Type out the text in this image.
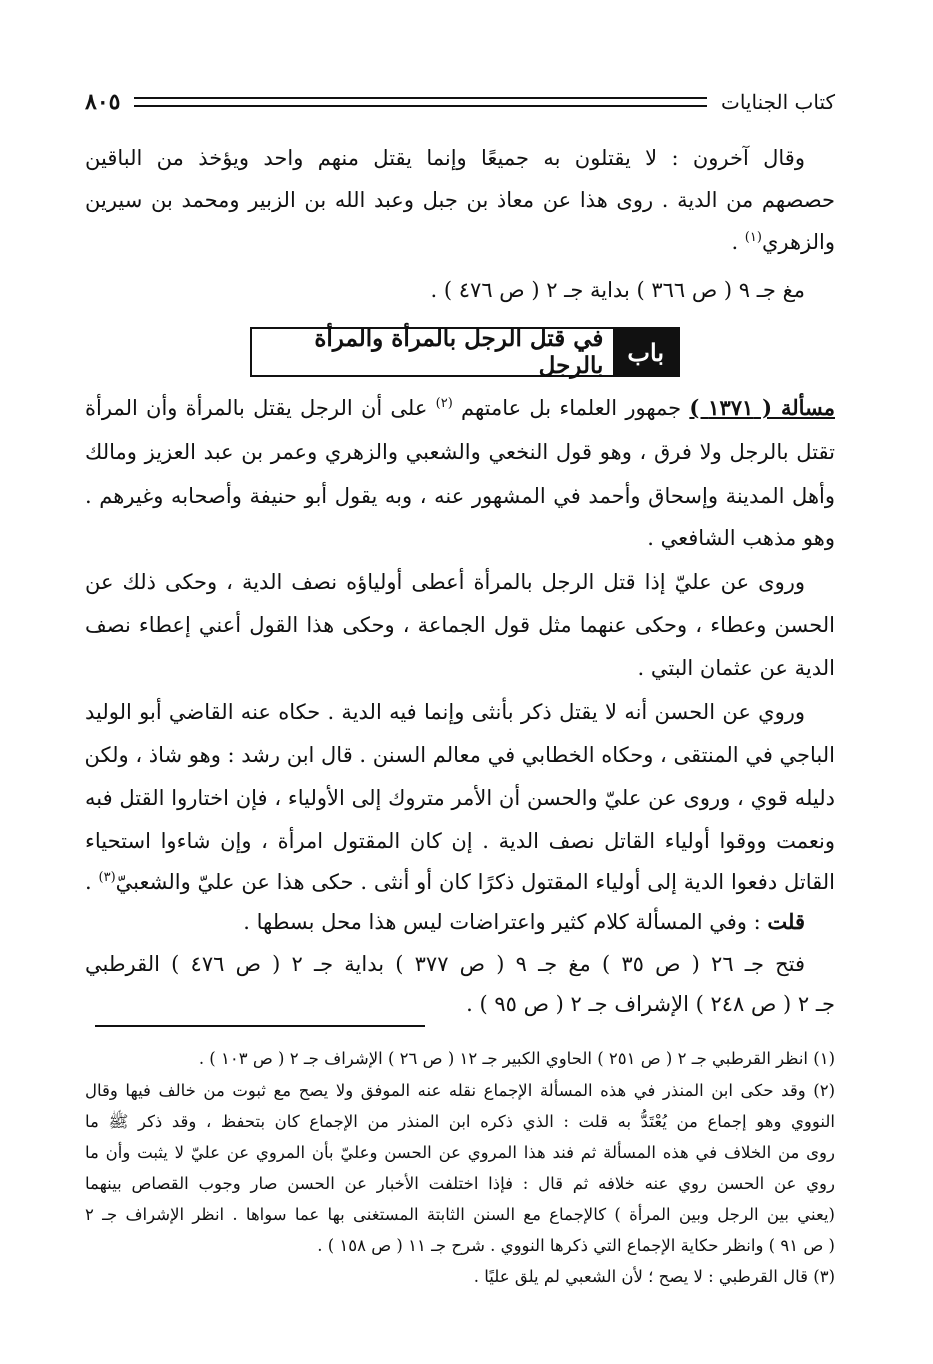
كتاب الجنايات
٨٠٥
وقال آخرون : لا يقتلون به جميعًا وإنما يقتل منهم واحد ويؤخذ من الباقين
حصصهم من الدية . روى هذا عن معاذ بن جبل وعبد الله بن الزبير ومحمد بن سيرين
والزهري$^{(١)}$ .
مغ جـ ٩ ( ص ٣٦٦ ) بداية جـ ٢ ( ص ٤٧٦ ) .
باب
في قتل الرجل بالمرأة والمرأة بالرجل
مسألة ( ١٣٧١ ) جمهور العلماء بل عامتهم $^{(٢)}$ على أن الرجل يقتل بالمرأة وأن المرأة
تقتل بالرجل ولا فرق ، وهو قول النخعي والشعبي والزهري وعمر بن عبد العزيز ومالك
وأهل المدينة وإسحاق وأحمد في المشهور عنه ، وبه يقول أبو حنيفة وأصحابه وغيرهم .
وهو مذهب الشافعي .
وروى عن عليّ إذا قتل الرجل بالمرأة أعطى أولياؤه نصف الدية ، وحكى ذلك عن
الحسن وعطاء ، وحكى عنهما مثل قول الجماعة ، وحكى هذا القول أعني إعطاء نصف
الدية عن عثمان البتي .
وروي عن الحسن أنه لا يقتل ذكر بأنثى وإنما فيه الدية . حكاه عنه القاضي أبو الوليد
الباجي في المنتقى ، وحكاه الخطابي في معالم السنن . قال ابن رشد : وهو شاذ ، ولكن
دليله قوي ، وروى عن عليّ والحسن أن الأمر متروك إلى الأولياء ، فإن اختاروا القتل فبه
ونعمت ووقوا أولياء القاتل نصف الدية . إن كان المقتول امرأة ، وإن شاءوا استحياء
القاتل دفعوا الدية إلى أولياء المقتول ذكرًا كان أو أنثى . حكى هذا عن عليّ والشعبيّ$^{(٣)}$ .
قلت : وفي المسألة كلام كثير واعتراضات ليس هذا محل بسطها .
فتح جـ ٢٦ ( ص ٣٥ ) مغ جـ ٩ ( ص ٣٧٧ ) بداية جـ ٢ ( ص ٤٧٦ ) القرطبي
جـ ٢ ( ص ٢٤٨ ) الإشراف جـ ٢ ( ص ٩٥ ) .
(١) انظر القرطبي جـ ٢ ( ص ٢٥١ ) الحاوي الكبير جـ ١٢ ( ص ٢٦ ) الإشراف جـ ٢ ( ص ١٠٣ ) .
(٢) وقد حكى ابن المنذر في هذه المسألة الإجماع نقله عنه الموفق ولا يصح مع ثبوت من خالف فيها وقال
النووي وهو إجماع من يُعْتَدُّ به قلت : الذي ذكره ابن المنذر من الإجماع كان بتحفظ ، وقد ذكر ﷺ ما
روى من الخلاف في هذه المسألة ثم فند هذا المروي عن الحسن وعليّ بأن المروي عن عليّ لا يثبت وأن ما
روي عن الحسن روي عنه خلافه ثم قال : فإذا اختلفت الأخبار عن الحسن صار وجوب القصاص بينهما
(يعني بين الرجل وبين المرأة ) كالإجماع مع السنن الثابتة المستغنى بها عما سواها . انظر الإشراف جـ ٢
( ص ٩١ ) وانظر حكاية الإجماع التي ذكرها النووي . شرح جـ ١١ ( ص ١٥٨ ) .
(٣) قال القرطبي : لا يصح ؛ لأن الشعبي لم يلق عليًا .
